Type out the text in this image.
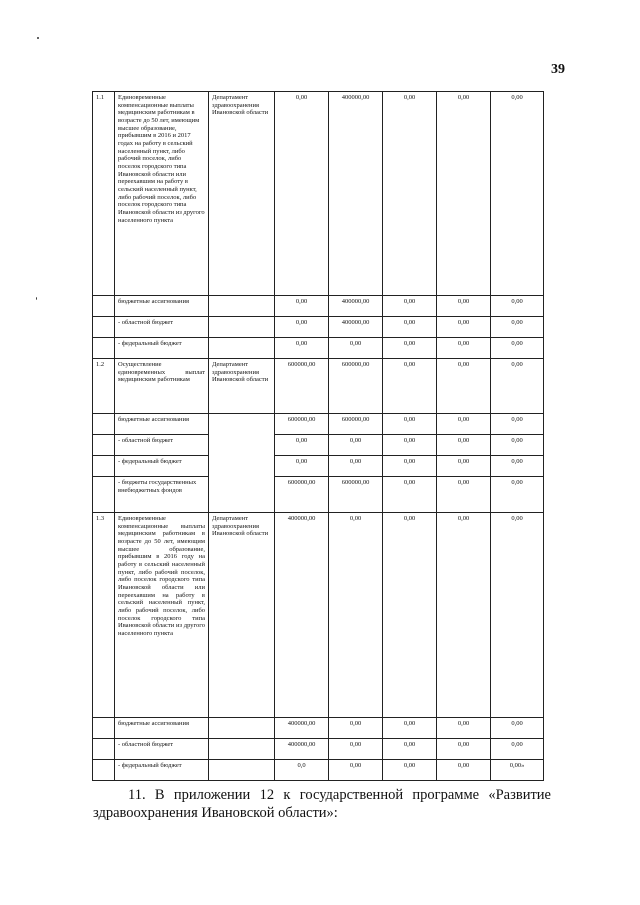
39
1.1	Единовременные компенсационные выплаты медицинским работникам в возрасте до 50 лет, имеющим высшее образование, прибывшим в 2016 и 2017 годах на работу в сельский населенный пункт, либо рабочий поселок, либо поселок городского типа Ивановской области или переехавшим на работу в сельский населенный пункт, либо рабочий поселок, либо поселок городского типа Ивановской области из другого населенного пункта	Департамент здравоохранения Ивановской области	0,00	400000,00	0,00	0,00	0,00
	бюджетные ассигнования		0,00	400000,00	0,00	0,00	0,00
	- областной бюджет		0,00	400000,00	0,00	0,00	0,00
	- федеральный бюджет		0,00	0,00	0,00	0,00	0,00
1.2	Осуществление единовременных выплат медицинским работникам	Департамент здравоохранения Ивановской области	600000,00	600000,00	0,00	0,00	0,00
	бюджетные ассигнования		600000,00	600000,00	0,00	0,00	0,00
	- областной бюджет		0,00	0,00	0,00	0,00	0,00
	- федеральный бюджет		0,00	0,00	0,00	0,00	0,00
	- бюджеты государственных внебюджетных фондов		600000,00	600000,00	0,00	0,00	0,00
1.3	Единовременные компенсационные выплаты медицинским работникам в возрасте до 50 лет, имеющим высшее образование, прибывшим в 2016 году на работу в сельский населенный пункт, либо рабочий поселок, либо поселок городского типа Ивановской области или переехавшим на работу в сельский населенный пункт, либо рабочий поселок, либо поселок городского типа Ивановской области из другого населенного пункта	Департамент здравоохранения Ивановской области	400000,00	0,00	0,00	0,00	0,00
	бюджетные ассигнования		400000,00	0,00	0,00	0,00	0,00
	- областной бюджет		400000,00	0,00	0,00	0,00	0,00
	- федеральный бюджет		0,0	0,00	0,00	0,00	0,00»
11. В приложении 12 к государственной программе «Развитие
здравоохранения Ивановской области»:
